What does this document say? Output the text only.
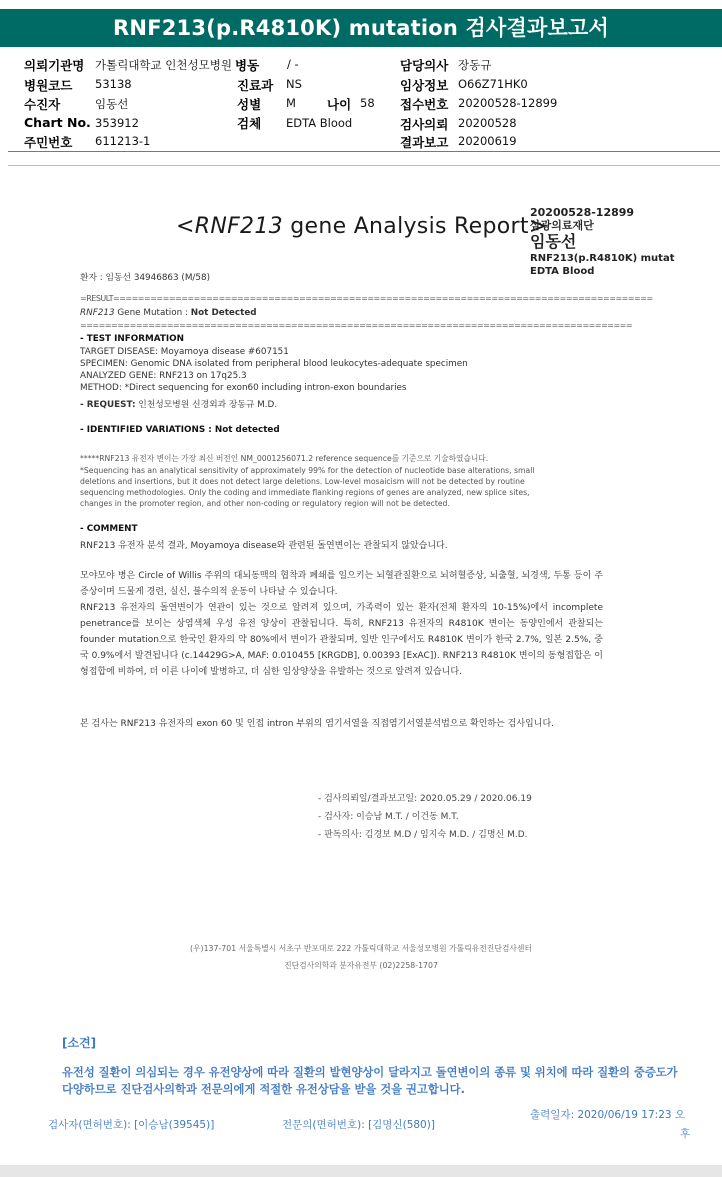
RNF213(p.R4810K) mutation 검사결과보고서
의뢰기관명 가톨릭대학교 인천성모병원 병동 / -	담당의사 장동규
병원코드 53138	진료과 NS	임상정보 O66Z71HK0
수진자	임동선	성별 M 나이 58 접수번호 20200528-12899
Chart No. 353912	검체 EDTA Blood	검사의뢰 20200528
주민번호 611213-1	결과보고 20200619
<RNF213 gene Analysis Report>
20200528-12899
삼광의료재단
임동선
RNF213(p.R4810K) mutat
EDTA Blood
환자 : 임동선 34946863 (M/58)
=RESULT=======================================================================================
RNF213 Gene Mutation : Not Detected
=========================================================================================
- TEST INFORMATION
TARGET DISEASE: Moyamoya disease #607151
SPECIMEN: Genomic DNA isolated from peripheral blood leukocytes-adequate specimen
ANALYZED GENE: RNF213 on 17q25.3
METHOD: *Direct sequencing for exon60 including intron-exon boundaries
- REQUEST: 인천성모병원 신경외과 장동규 M.D.
- IDENTIFIED VARIATIONS : Not detected
*****RNF213 유전자 변이는 가장 최신 버전인 NM_0001256071.2 reference sequence를 기준으로 기술하였습니다.
*Sequencing has an analytical sensitivity of approximately 99% for the detection of nucleotide base alterations, small
deletions and insertions, but it does not detect large deletions. Low-level mosaicism will not be detected by routine
sequencing methodologies. Only the coding and immediate flanking regions of genes are analyzed, new splice sites,
changes in the promoter region, and other non-coding or regulatory region will not be detected.
- COMMENT
RNF213 유전자 분석 결과, Moyamoya disease와 관련된 돌연변이는 관찰되지 않았습니다.
모야모야 병은 Circle of Willis 주위의 대뇌동맥의 협착과 폐쇄를 일으키는 뇌혈관질환으로 뇌허혈증상, 뇌출혈, 뇌경색, 두통 등이 주증상이며 드물게 경련, 실신, 불수의적 운동이 나타날 수 있습니다.
RNF213 유전자의 돌연변이가 연관이 있는 것으로 알려져 있으며, 가족력이 있는 환자(전체 환자의 10-15%)에서 incomplete penetrance를 보이는 상염색체 우성 유전 양상이 관찰됩니다. 특히, RNF213 유전자의 R4810K 변이는 동양인에서 관찰되는 founder mutation으로 한국인 환자의 약 80%에서 변이가 관찰되며, 일반 인구에서도 R4810K 변이가 한국 2.7%, 일본 2.5%, 중국 0.9%에서 발견됩니다 (c.14429G>A, MAF: 0.010455 [KRGDB], 0.00393 [ExAC]). RNF213 R4810K 변이의 동형접합은 이형접합에 비하여, 더 이른 나이에 발병하고, 더 심한 임상양상을 유발하는 것으로 알려져 있습니다.
본 검사는 RNF213 유전자의 exon 60 및 인접 intron 부위의 염기서열을 직접염기서열분석법으로 확인하는 검사입니다.
- 검사의뢰일/결과보고일: 2020.05.29 / 2020.06.19
- 검사자: 이승남 M.T. / 이건동 M.T.
- 판독의사: 김경보 M.D / 임지숙 M.D. / 김명신 M.D.
(우)137-701 서울특별시 서초구 반포대로 222 가톨릭대학교 서울성모병원 가톨릭유전진단검사센터
진단검사의학과 분자유전부 (02)2258-1707
[소견]
유전성 질환이 의심되는 경우 유전양상에 따라 질환의 발현양상이 달라지고 돌연변이의 종류 및 위치에 따라 질환의 중증도가 다양하므로 진단검사의학과 전문의에게 적절한 유전상담을 받을 것을 권고합니다.
검사자(면허번호): [이승남(39545)]	전문의(면허번호): [김명신(580)]
출력일자: 2020/06/19 17:23 오
후
